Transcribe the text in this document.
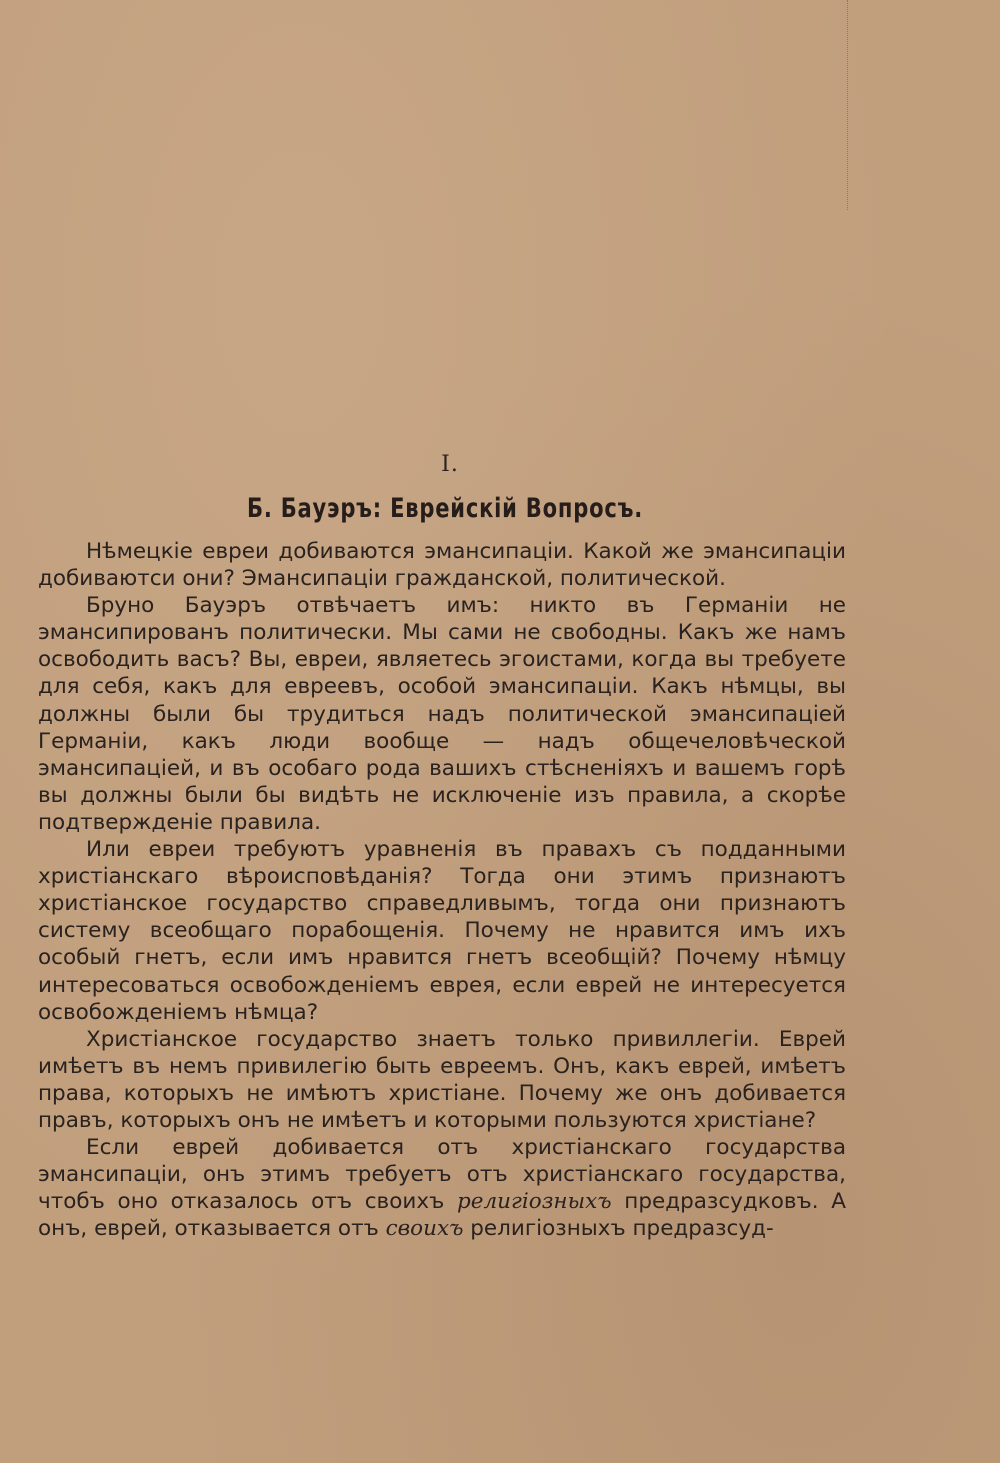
I.
Б. Бауэръ: Еврейскій Вопросъ.

Нѣмецкіе евреи добиваются эмансипаціи. Какой же эмансипаціи добиваютси они? Эмансипаціи гражданской, политической.

Бруно Бауэръ отвѣчаетъ имъ: никто въ Германіи не эмансипированъ политически. Мы сами не свободны. Какъ же намъ освободить васъ? Вы, евреи, являетесь эгоистами, когда вы требуете для себя, какъ для евреевъ, особой эмансипаціи. Какъ нѣмцы, вы должны были бы трудиться надъ политической эмансипаціей Германіи, какъ люди вообще — надъ общечеловѣческой эмансипаціей, и въ особаго рода вашихъ стѣсненіяхъ и вашемъ горѣ вы должны были бы видѣть не исключеніе изъ правила, а скорѣе подтвержденіе правила.

Или евреи требуютъ уравненія въ правахъ съ подданными христіанскаго вѣроисповѣданія? Тогда они этимъ признаютъ христіанское государство справедливымъ, тогда они признаютъ систему всеобщаго порабощенія. Почему не нравится имъ ихъ особый гнетъ, если имъ нравится гнетъ всеобщій? Почему нѣмцу интересоваться освобожденіемъ еврея, если еврей не интересуется освобожденіемъ нѣмца?

Христіанское государство знаетъ только привиллегіи. Еврей имѣетъ въ немъ привилегію быть евреемъ. Онъ, какъ еврей, имѣетъ права, которыхъ не имѣютъ христіане. Почему же онъ добивается правъ, которыхъ онъ не имѣетъ и которыми пользуются христіане?

Если еврей добивается отъ христіанскаго государства эмансипаціи, онъ этимъ требуетъ отъ христіанскаго государства, чтобъ оно отказалось отъ своихъ религіозныхъ предразсудковъ. А онъ, еврей, отказывается отъ своихъ религіозныхъ предразсуд-
